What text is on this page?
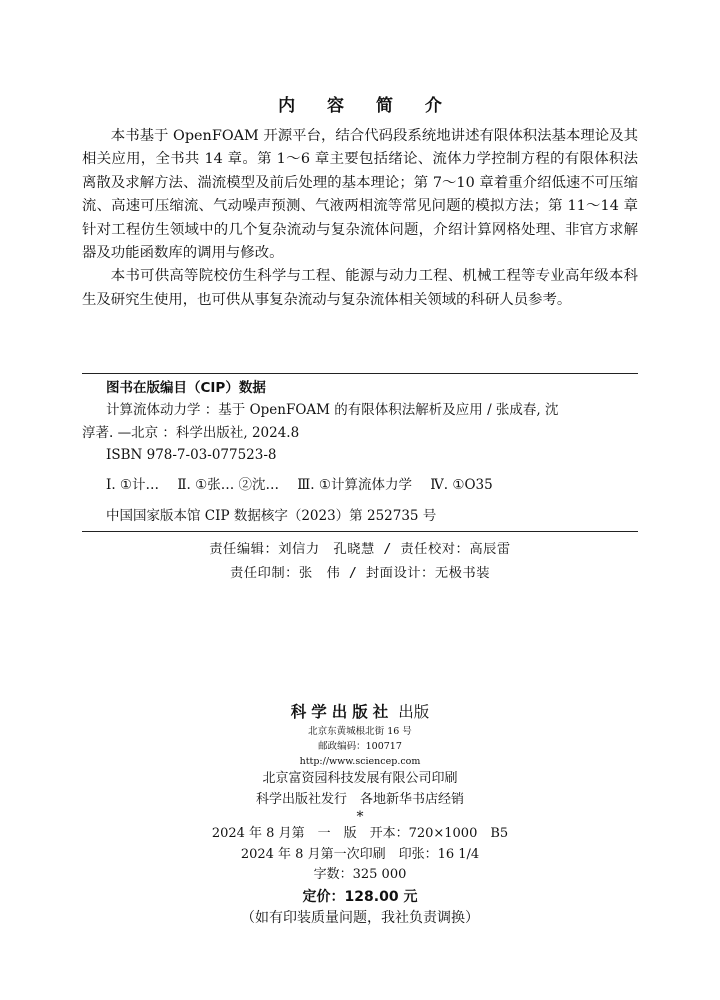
内 容 简 介

本书基于 OpenFOAM 开源平台，结合代码段系统地讲述有限体积法基本理论及其相关应用，全书共 14 章。第 1～6 章主要包括绪论、流体力学控制方程的有限体积法离散及求解方法、湍流模型及前后处理的基本理论；第 7～10 章着重介绍低速不可压缩流、高速可压缩流、气动噪声预测、气液两相流等常见问题的模拟方法；第 11～14 章针对工程仿生领域中的几个复杂流动与复杂流体问题，介绍计算网格处理、非官方求解器及功能函数库的调用与修改。

本书可供高等院校仿生科学与工程、能源与动力工程、机械工程等专业高年级本科生及研究生使用，也可供从事复杂流动与复杂流体相关领域的科研人员参考。

图书在版编目（CIP）数据
计算流体动力学 ：基于 OpenFOAM 的有限体积法解析及应用 / 张成春, 沈
淳著. —北京 ：科学出版社, 2024.8
ISBN 978-7-03-077523-8
Ⅰ. ①计… Ⅱ. ①张… ②沈… Ⅲ. ①计算流体力学 Ⅳ. ①O35
中国国家版本馆 CIP 数据核字（2023）第 252735 号
责任编辑：刘信力　孔晓慧 / 责任校对：高辰雷
责任印制：张　伟 / 封面设计：无极书装
科学出版社 出版
北京东黄城根北街 16 号
邮政编码：100717
http://www.sciencep.com
北京富资园科技发展有限公司印刷
科学出版社发行　各地新华书店经销
*
2024 年 8 月第　一　版　开本：720×1000　B5
2024 年 8 月第一次印刷　印张：16 1/4
字数：325 000
定价：128.00 元
（如有印装质量问题，我社负责调换）
